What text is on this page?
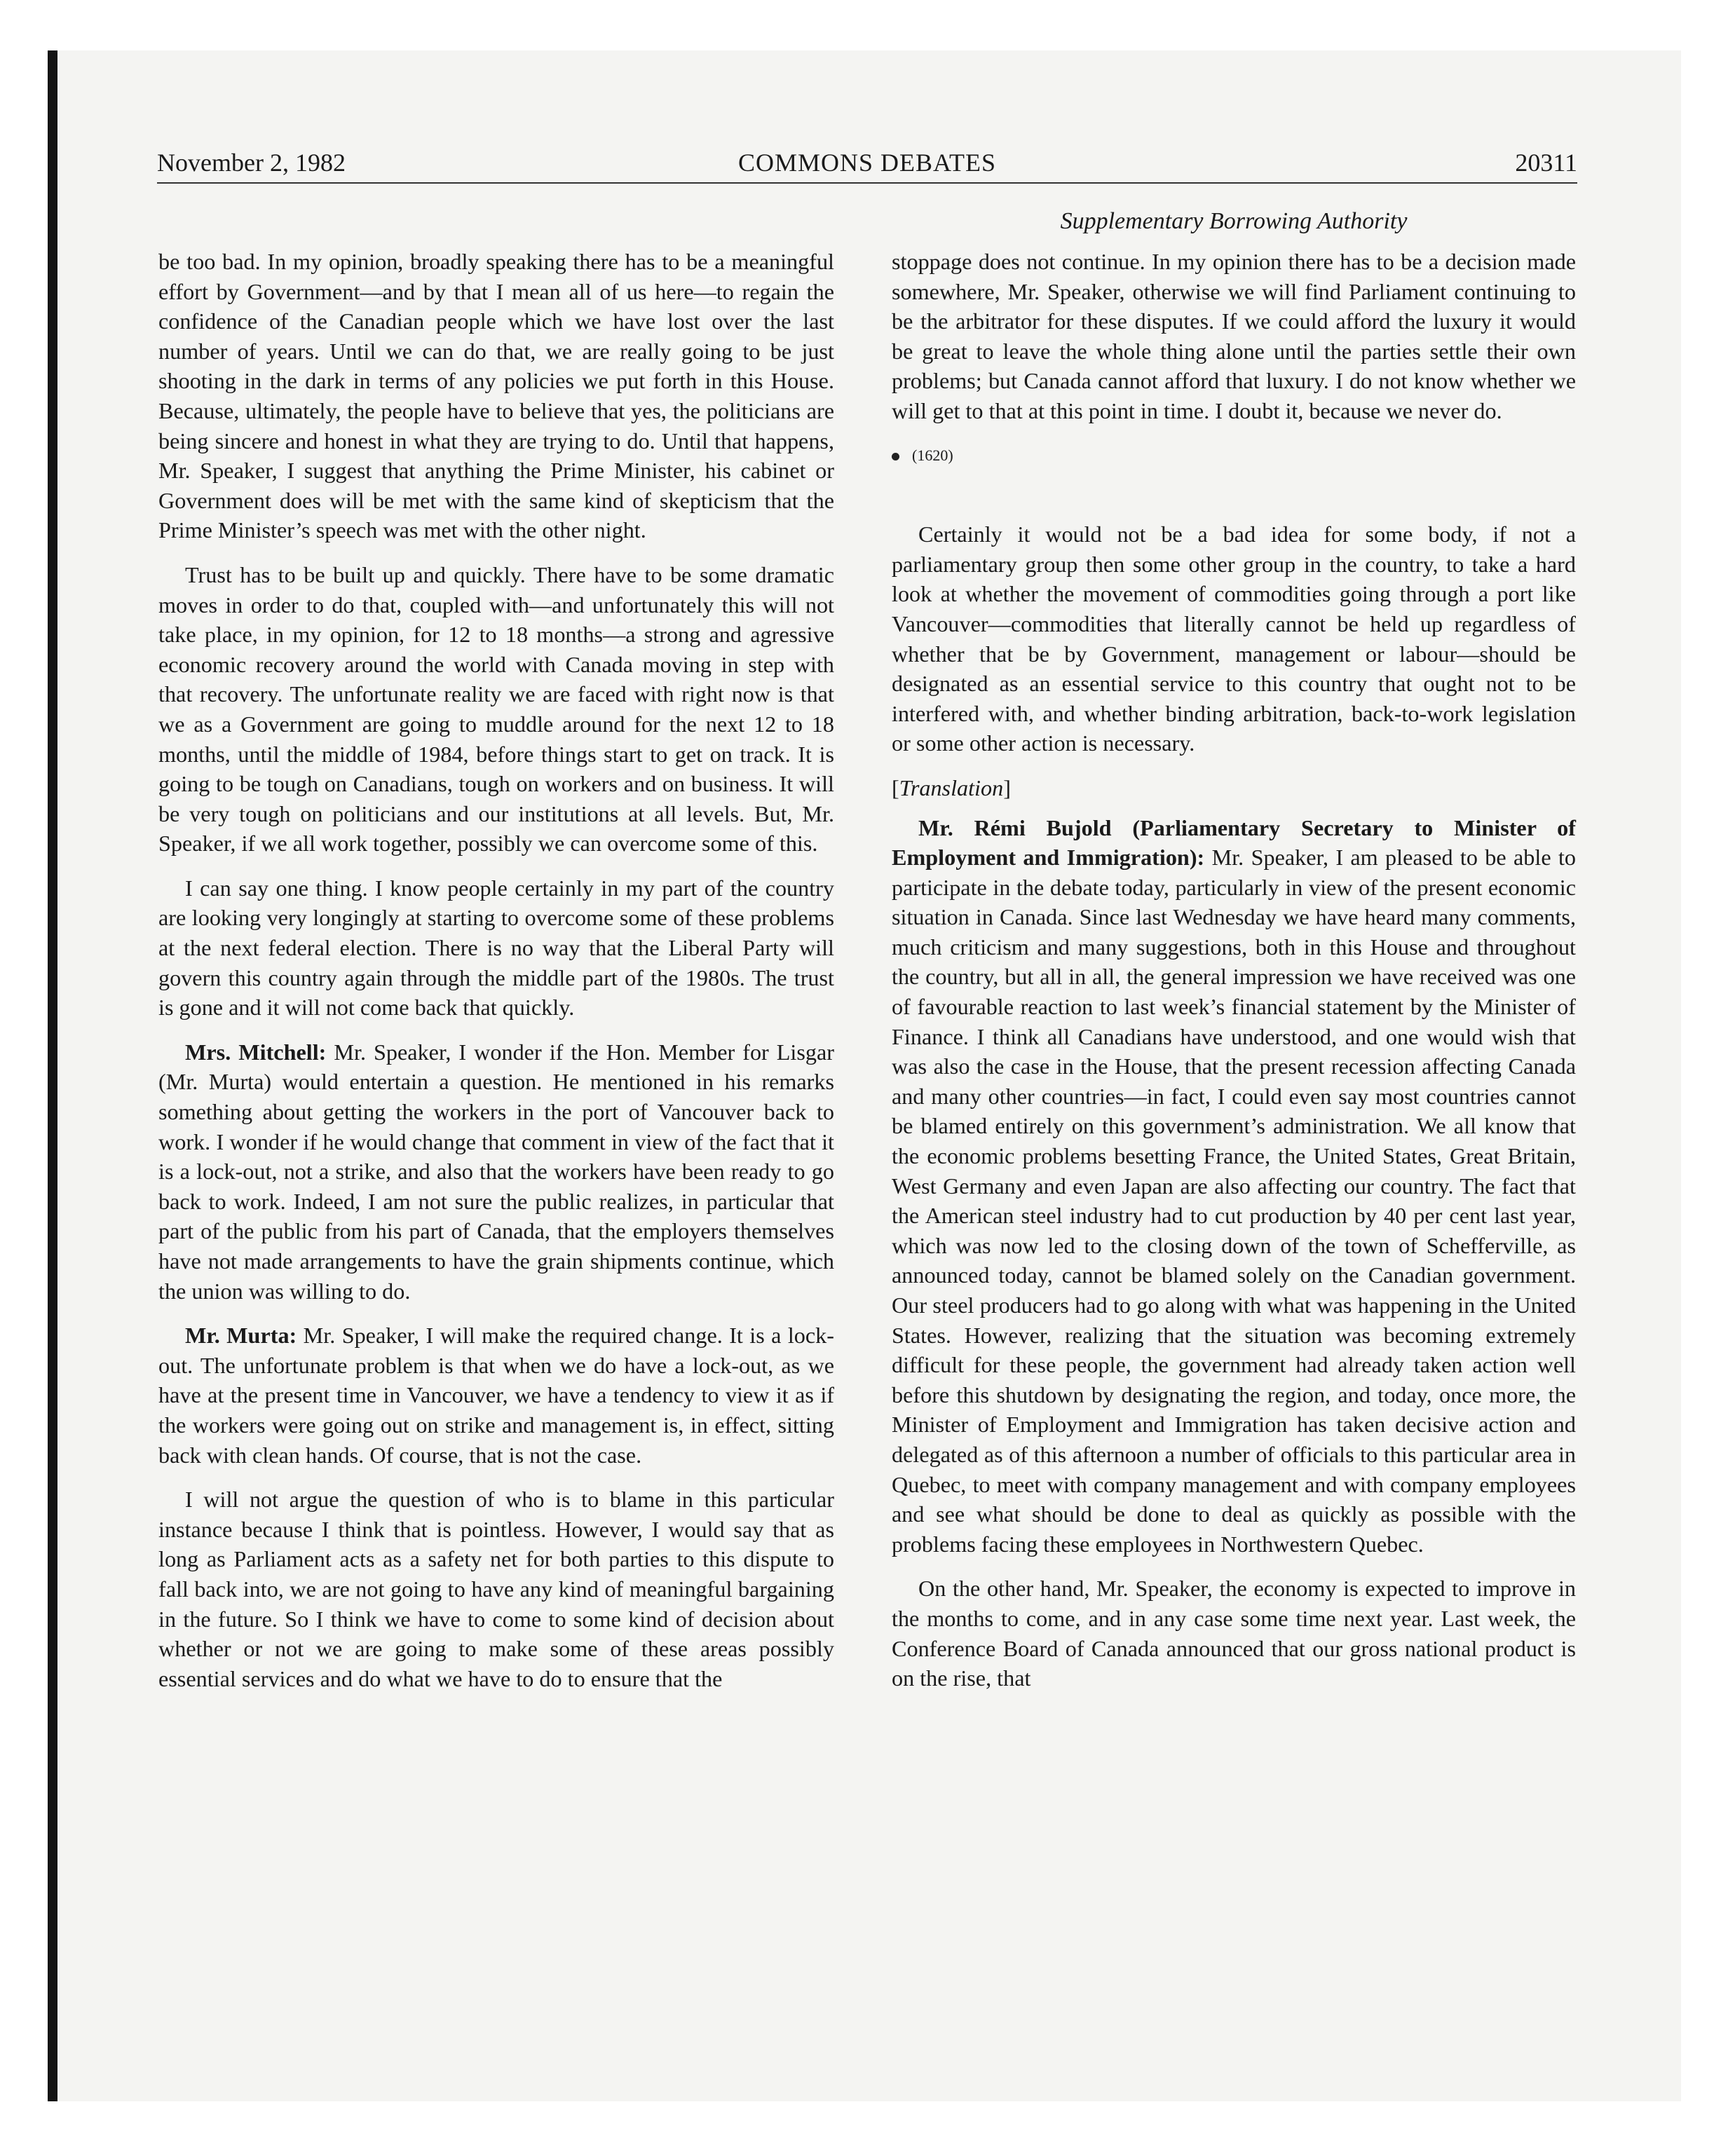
November 2, 1982	COMMONS DEBATES	20311
Supplementary Borrowing Authority

be too bad. In my opinion, broadly speaking there has to be a meaningful effort by Government—and by that I mean all of us here—to regain the confidence of the Canadian people which we have lost over the last number of years. Until we can do that, we are really going to be just shooting in the dark in terms of any policies we put forth in this House. Because, ultimately, the people have to believe that yes, the politicians are being sincere and honest in what they are trying to do. Until that happens, Mr. Speaker, I suggest that anything the Prime Minister, his cabinet or Government does will be met with the same kind of skepticism that the Prime Minister’s speech was met with the other night.

Trust has to be built up and quickly. There have to be some dramatic moves in order to do that, coupled with—and unfortunately this will not take place, in my opinion, for 12 to 18 months—a strong and agressive economic recovery around the world with Canada moving in step with that recovery. The unfortunate reality we are faced with right now is that we as a Government are going to muddle around for the next 12 to 18 months, until the middle of 1984, before things start to get on track. It is going to be tough on Canadians, tough on workers and on business. It will be very tough on politicians and our institutions at all levels. But, Mr. Speaker, if we all work together, possibly we can overcome some of this.

I can say one thing. I know people certainly in my part of the country are looking very longingly at starting to overcome some of these problems at the next federal election. There is no way that the Liberal Party will govern this country again through the middle part of the 1980s. The trust is gone and it will not come back that quickly.

Mrs. Mitchell: Mr. Speaker, I wonder if the Hon. Member for Lisgar (Mr. Murta) would entertain a question. He mentioned in his remarks something about getting the workers in the port of Vancouver back to work. I wonder if he would change that comment in view of the fact that it is a lock-out, not a strike, and also that the workers have been ready to go back to work. Indeed, I am not sure the public realizes, in particular that part of the public from his part of Canada, that the employers themselves have not made arrangements to have the grain shipments continue, which the union was willing to do.

Mr. Murta: Mr. Speaker, I will make the required change. It is a lock-out. The unfortunate problem is that when we do have a lock-out, as we have at the present time in Vancouver, we have a tendency to view it as if the workers were going out on strike and management is, in effect, sitting back with clean hands. Of course, that is not the case.

I will not argue the question of who is to blame in this particular instance because I think that is pointless. However, I would say that as long as Parliament acts as a safety net for both parties to this dispute to fall back into, we are not going to have any kind of meaningful bargaining in the future. So I think we have to come to some kind of decision about whether or not we are going to make some of these areas possibly essential services and do what we have to do to ensure that the

stoppage does not continue. In my opinion there has to be a decision made somewhere, Mr. Speaker, otherwise we will find Parliament continuing to be the arbitrator for these disputes. If we could afford the luxury it would be great to leave the whole thing alone until the parties settle their own problems; but Canada cannot afford that luxury. I do not know whether we will get to that at this point in time. I doubt it, because we never do.

(1620)

Certainly it would not be a bad idea for some body, if not a parliamentary group then some other group in the country, to take a hard look at whether the movement of commodities going through a port like Vancouver—commodities that literally cannot be held up regardless of whether that be by Government, management or labour—should be designated as an essential service to this country that ought not to be interfered with, and whether binding arbitration, back-to-work legislation or some other action is necessary.

[Translation]

Mr. Rémi Bujold (Parliamentary Secretary to Minister of Employment and Immigration): Mr. Speaker, I am pleased to be able to participate in the debate today, particularly in view of the present economic situation in Canada. Since last Wednesday we have heard many comments, much criticism and many suggestions, both in this House and throughout the country, but all in all, the general impression we have received was one of favourable reaction to last week’s financial statement by the Minister of Finance. I think all Canadians have understood, and one would wish that was also the case in the House, that the present recession affecting Canada and many other countries—in fact, I could even say most countries cannot be blamed entirely on this government’s administration. We all know that the economic problems besetting France, the United States, Great Britain, West Germany and even Japan are also affecting our country. The fact that the American steel industry had to cut production by 40 per cent last year, which was now led to the closing down of the town of Schefferville, as announced today, cannot be blamed solely on the Canadian government. Our steel producers had to go along with what was happening in the United States. However, realizing that the situation was becoming extremely difficult for these people, the government had already taken action well before this shutdown by designating the region, and today, once more, the Minister of Employment and Immigration has taken decisive action and delegated as of this afternoon a number of officials to this particular area in Quebec, to meet with company management and with company employees and see what should be done to deal as quickly as possible with the problems facing these employees in Northwestern Quebec.

On the other hand, Mr. Speaker, the economy is expected to improve in the months to come, and in any case some time next year. Last week, the Conference Board of Canada announced that our gross national product is on the rise, that
